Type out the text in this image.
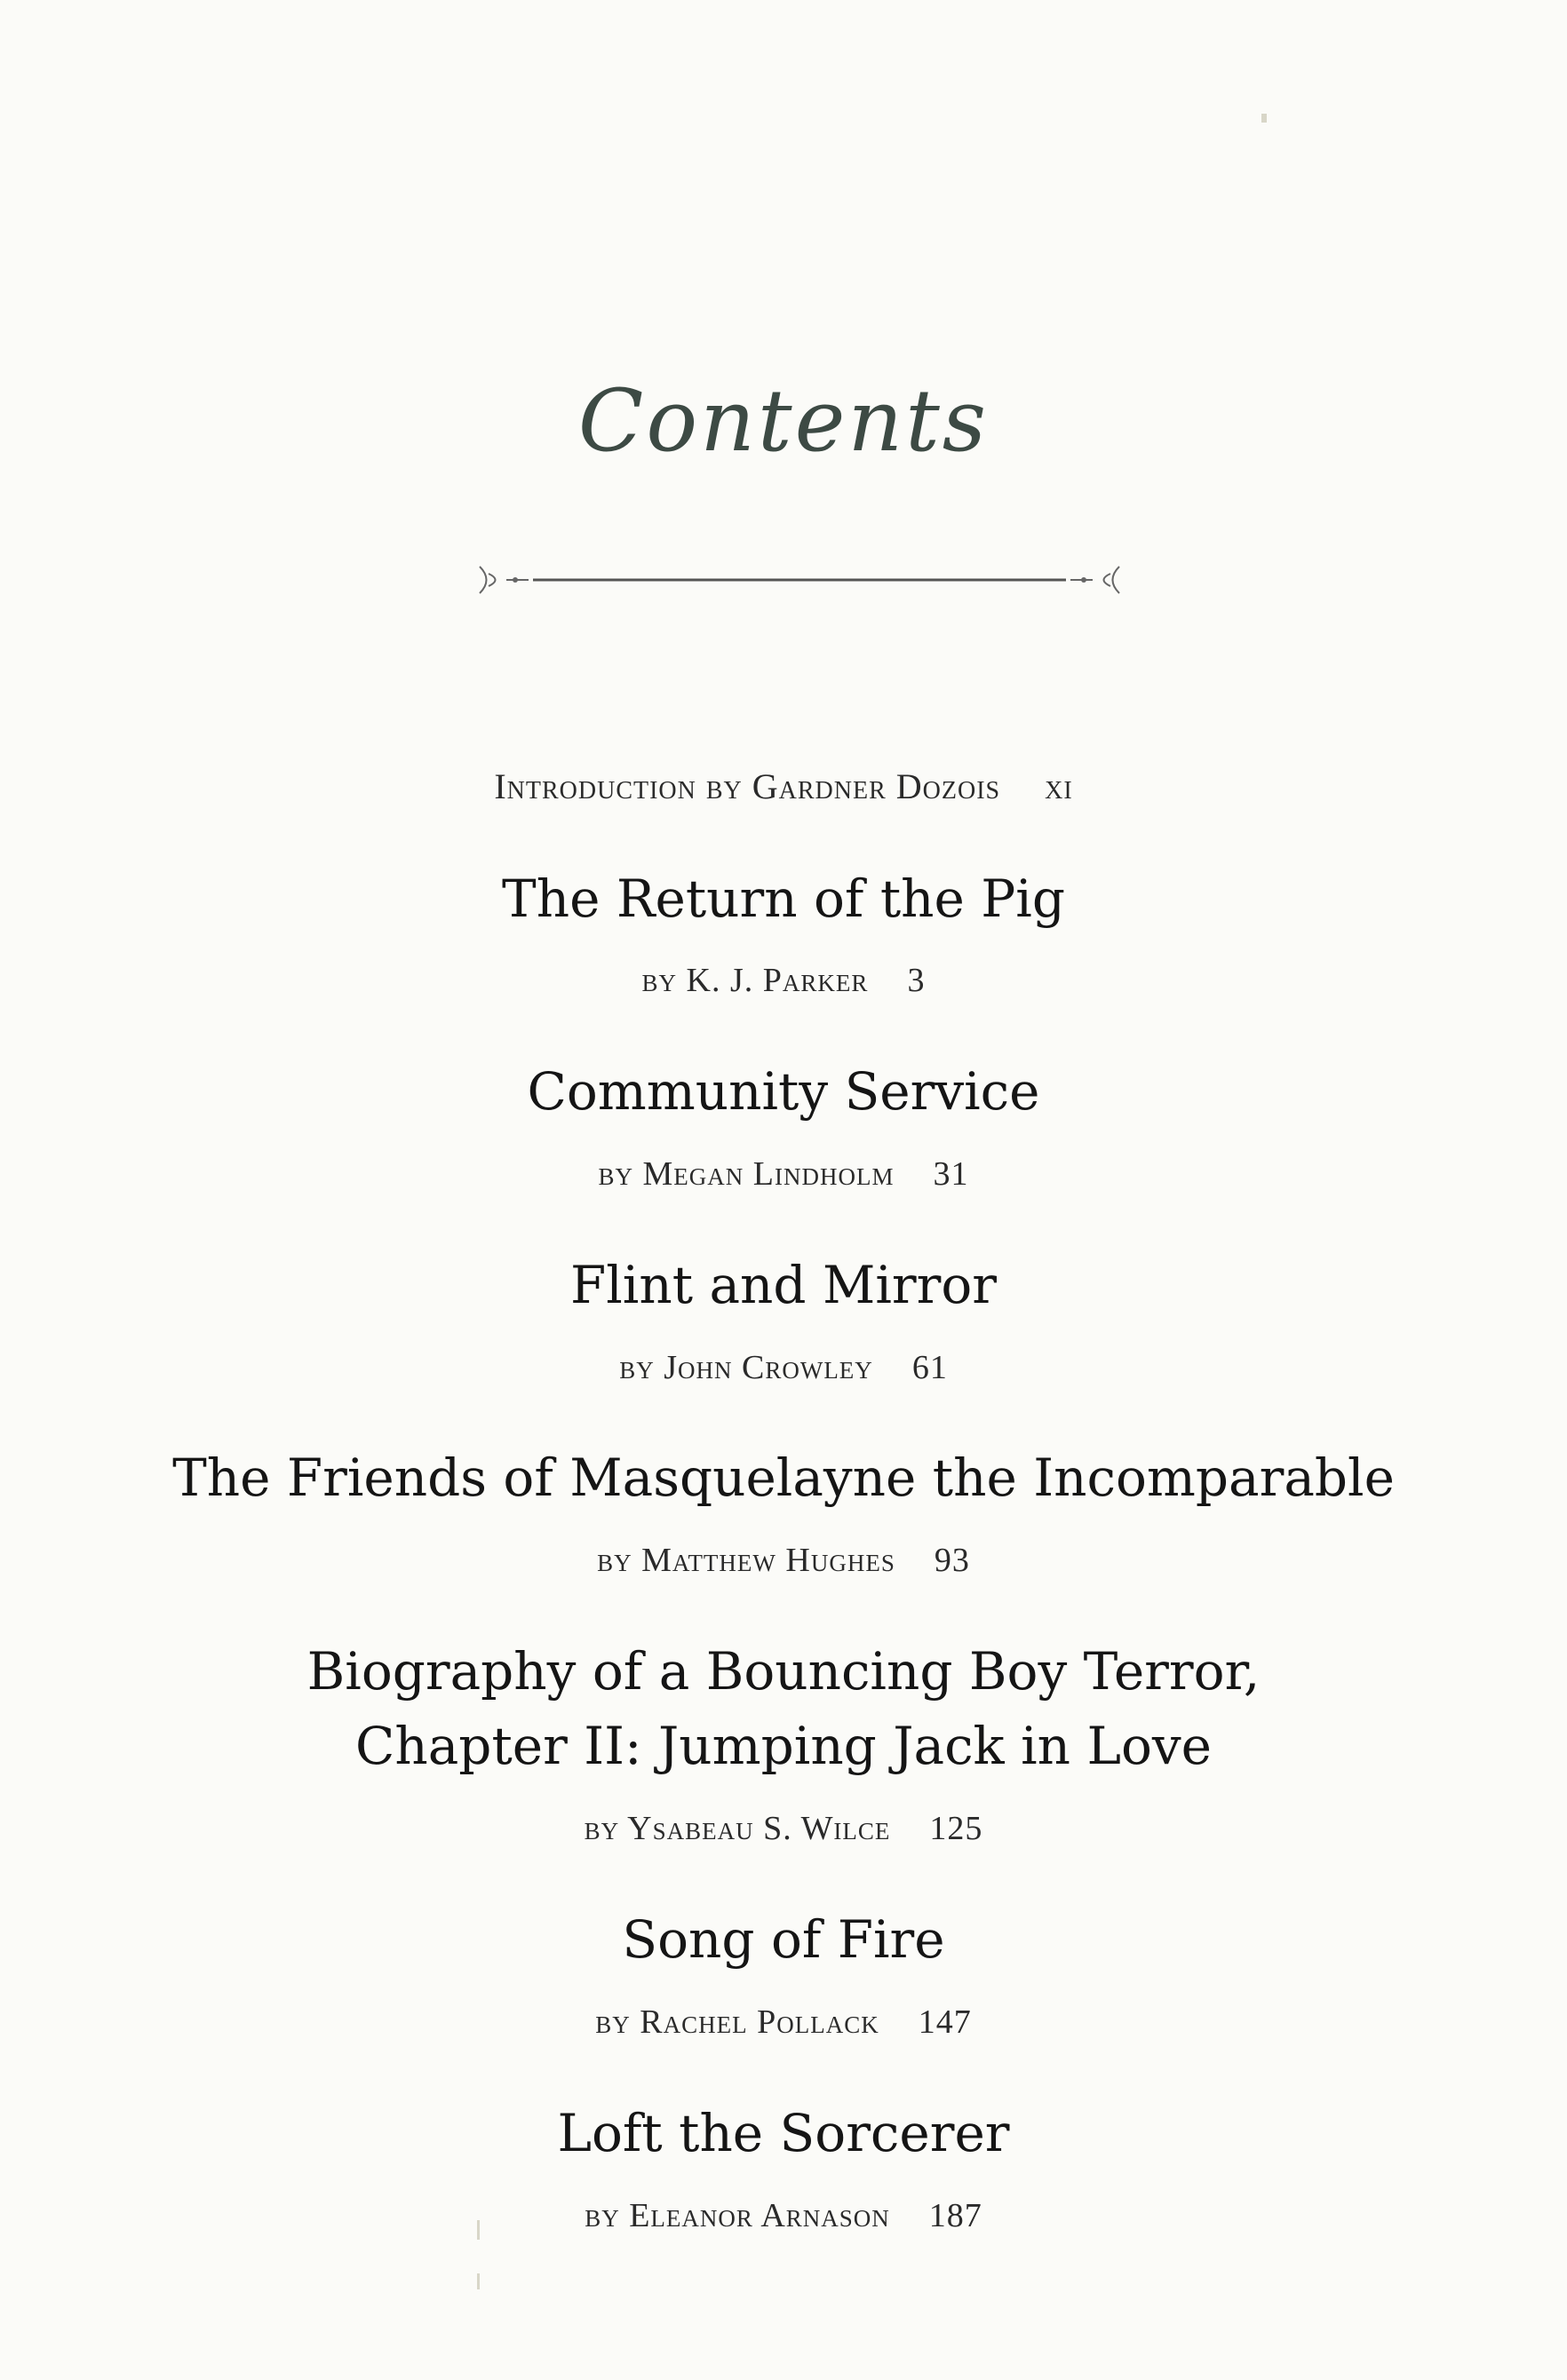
Contents
Introduction by Gardner Dozois xi
The Return of the Pig
by K. J. Parker 3
Community Service
by Megan Lindholm 31
Flint and Mirror
by John Crowley 61
The Friends of Masquelayne the Incomparable
by Matthew Hughes 93
Biography of a Bouncing Boy Terror,
Chapter II: Jumping Jack in Love
by Ysabeau S. Wilce 125
Song of Fire
by Rachel Pollack 147
Loft the Sorcerer
by Eleanor Arnason 187
